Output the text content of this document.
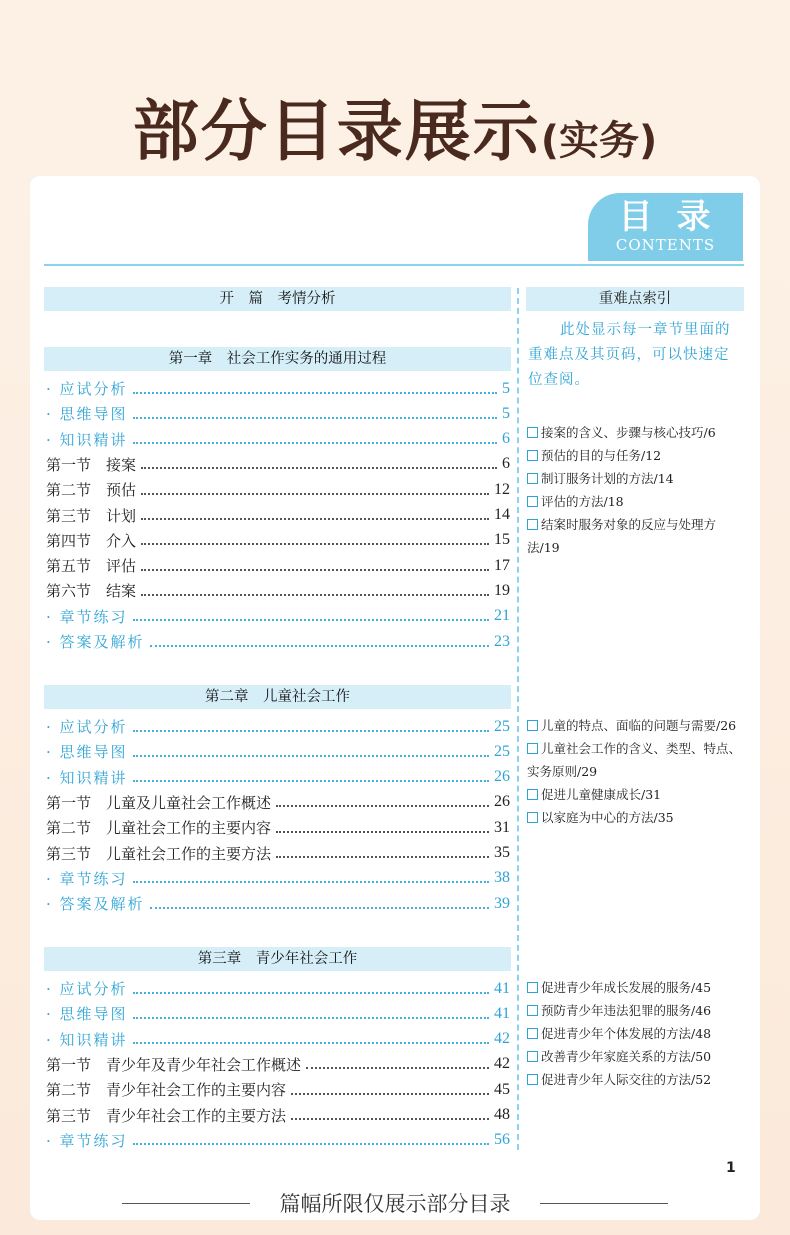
部分目录展示(实务)
目录
CONTENTS
开　篇　考情分析	重难点索引
此处显示每一章节里面的重难点及其页码，可以快速定位查阅。
第一章　社会工作实务的通用过程
· 应试分析	5
· 思维导图	5
· 知识精讲	6
第一节　 接案	6
第二节　 预估	12
第三节　 计划	14
第四节　 介入	15
第五节　 评估	17
第六节　 结案	19
· 章节练习	21
· 答案及解析	23
接案的含义、步骤与核心技巧/6
预估的目的与任务/12
制订服务计划的方法/14
评估的方法/18
结案时服务对象的反应与处理方法/19
第二章　儿童社会工作
· 应试分析	25
· 思维导图	25
· 知识精讲	26
第一节　 儿童及儿童社会工作概述	26
第二节　 儿童社会工作的主要内容	31
第三节　 儿童社会工作的主要方法	35
· 章节练习	38
· 答案及解析	39
儿童的特点、面临的问题与需要/26
儿童社会工作的含义、类型、特点、实务原则/29
促进儿童健康成长/31
以家庭为中心的方法/35
第三章　青少年社会工作
· 应试分析	41
· 思维导图	41
· 知识精讲	42
第一节　 青少年及青少年社会工作概述	42
第二节　 青少年社会工作的主要内容	45
第三节　 青少年社会工作的主要方法	48
· 章节练习	56
促进青少年成长发展的服务/45
预防青少年违法犯罪的服务/46
促进青少年个体发展的方法/48
改善青少年家庭关系的方法/50
促进青少年人际交往的方法/52
1
篇幅所限仅展示部分目录
